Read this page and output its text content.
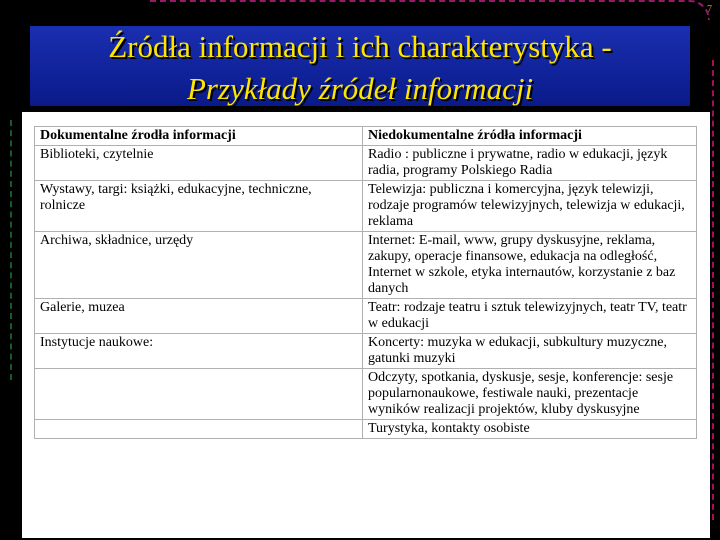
7
Źródła informacji i ich charakterystyka -
Przykłady źródeł informacji
Dokumentalne źrodła informacji	Niedokumentalne źródła informacji
Biblioteki, czytelnie	Radio : publiczne i prywatne, radio w edukacji, język radia, programy Polskiego Radia
Wystawy, targi: książki, edukacyjne, techniczne, rolnicze	Telewizja: publiczna i komercyjna, język telewizji, rodzaje programów telewizyjnych, telewizja w edukacji, reklama
Archiwa, składnice, urzędy	Internet: E-mail, www, grupy dyskusyjne, reklama, zakupy, operacje finansowe, edukacja na odległość, Internet w szkole, etyka internautów, korzystanie z baz danych
Galerie, muzea	Teatr: rodzaje teatru i sztuk telewizyjnych, teatr TV, teatr w edukacji
Instytucje naukowe:	Koncerty: muzyka w edukacji, subkultury muzyczne, gatunki muzyki
	Odczyty, spotkania, dyskusje, sesje, konferencje: sesje popularnonaukowe, festiwale nauki, prezentacje wyników realizacji projektów, kluby dyskusyjne
	Turystyka, kontakty osobiste
